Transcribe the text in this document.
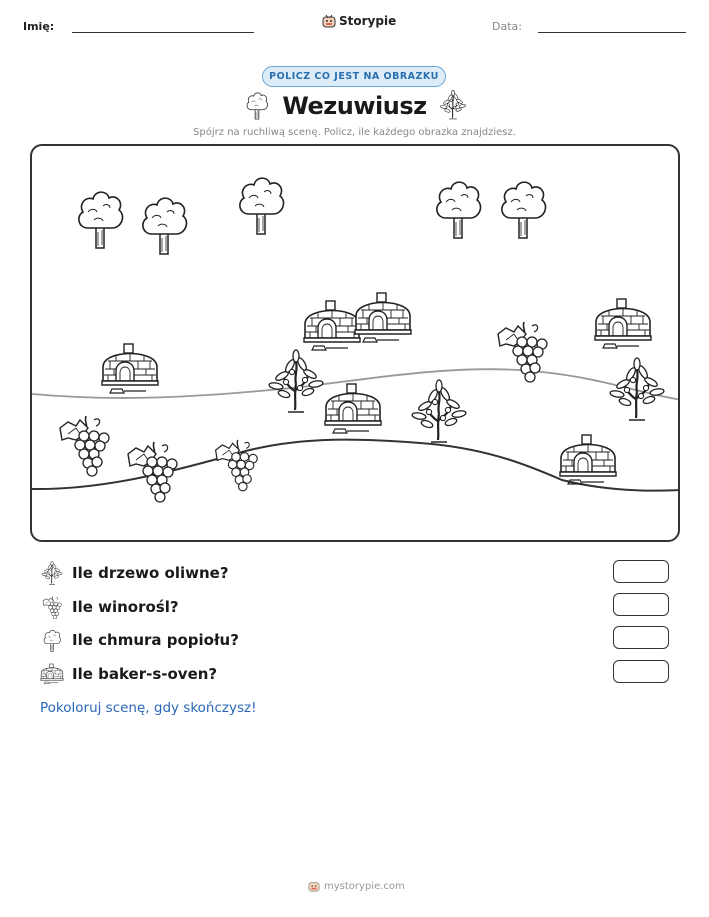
Imię:	Storypie	Data:
POLICZ CO JEST NA OBRAZKU
Wezuwiusz
Spójrz na ruchliwą scenę. Policz, ile każdego obrazka znajdziesz.
Ile drzewo oliwne?
Ile winorośl?
Ile chmura popiołu?
Ile baker-s-oven?
Pokoloruj scenę, gdy skończysz!
mystorypie.com
